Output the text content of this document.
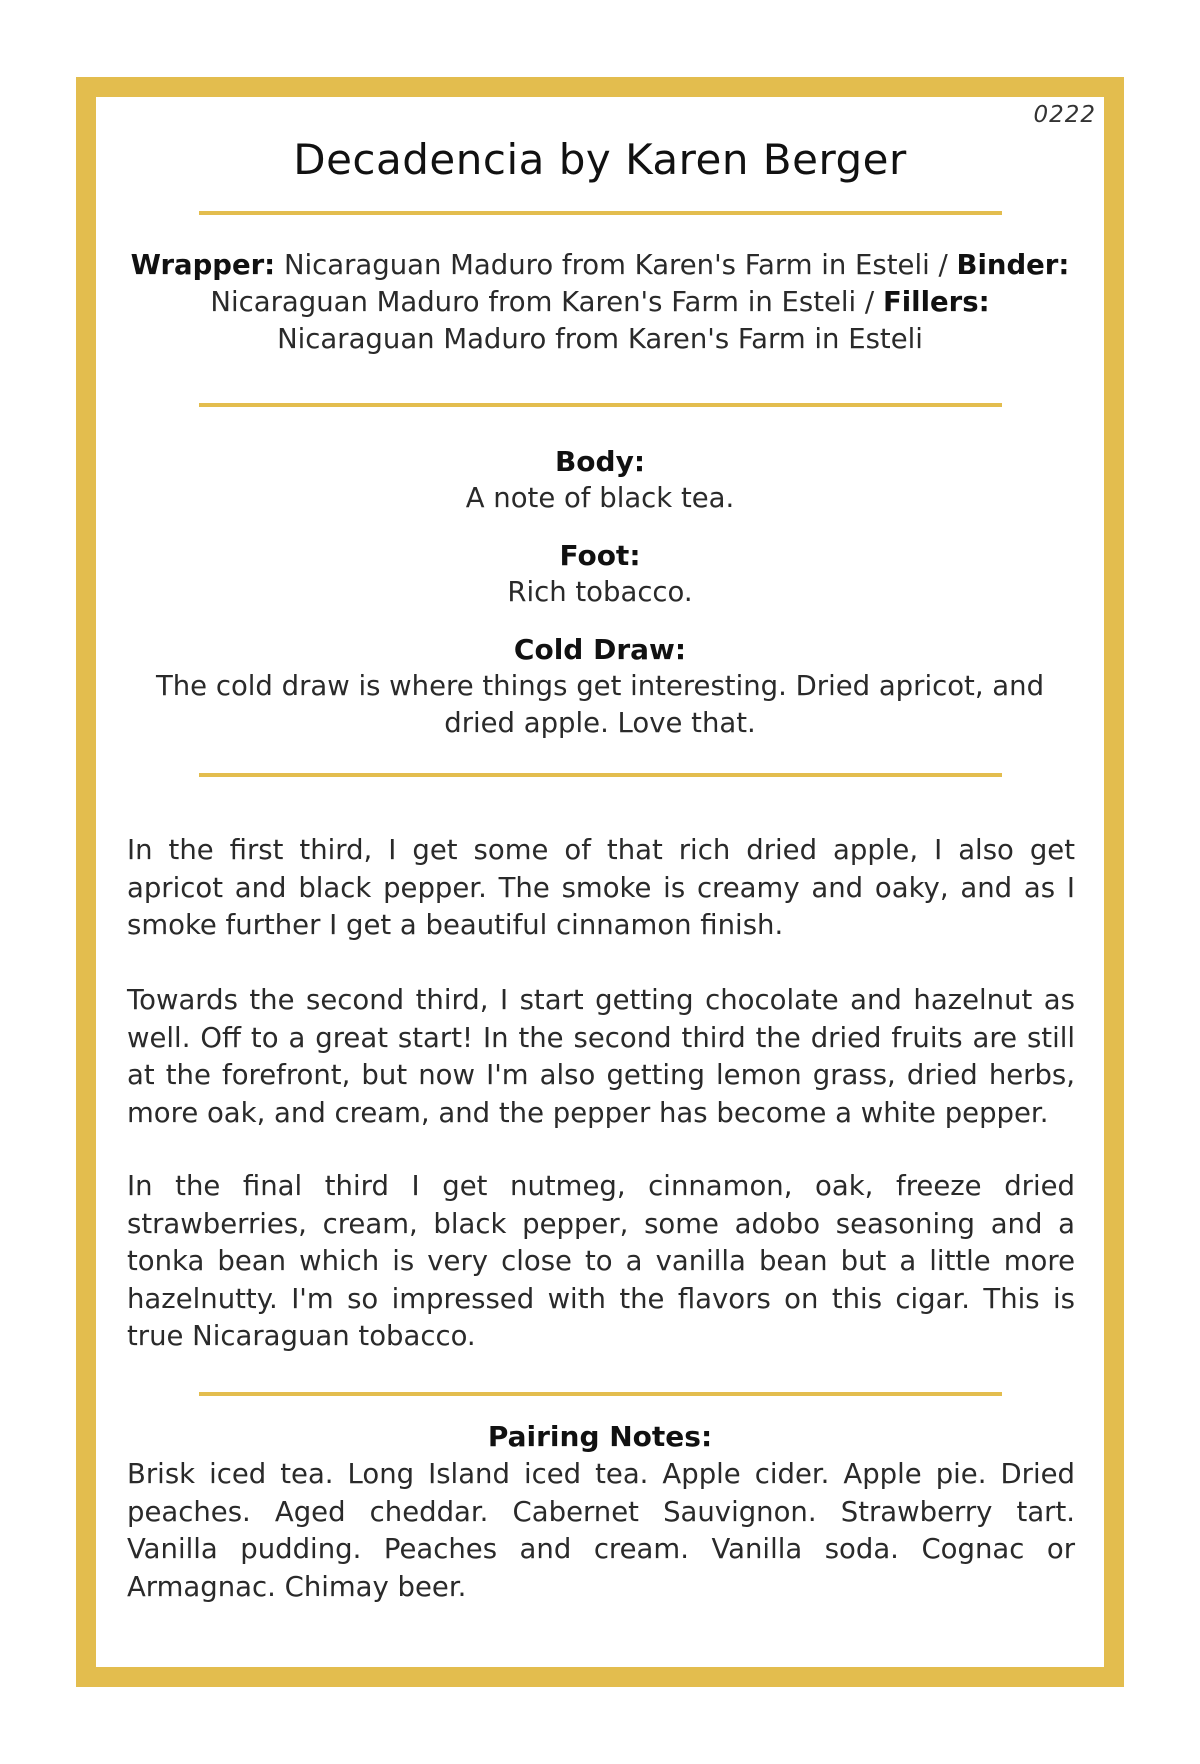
0222
Decadencia by Karen Berger
Wrapper: Nicaraguan Maduro from Karen's Farm in Esteli / Binder: Nicaraguan Maduro from Karen's Farm in Esteli / Fillers: Nicaraguan Maduro from Karen's Farm in Esteli
Body:
A note of black tea.
Foot:
Rich tobacco.
Cold Draw:
The cold draw is where things get interesting. Dried apricot, and dried apple. Love that.
In the first third, I get some of that rich dried apple, I also get apricot and black pepper. The smoke is creamy and oaky, and as I smoke further I get a beautiful cinnamon finish.
Towards the second third, I start getting chocolate and hazelnut as well. Off to a great start! In the second third the dried fruits are still at the forefront, but now I'm also getting lemon grass, dried herbs, more oak, and cream, and the pepper has become a white pepper.
In the final third I get nutmeg, cinnamon, oak, freeze dried strawberries, cream, black pepper, some adobo seasoning and a tonka bean which is very close to a vanilla bean but a little more hazelnutty. I'm so impressed with the flavors on this cigar. This is true Nicaraguan tobacco.
Pairing Notes:
Brisk iced tea. Long Island iced tea. Apple cider. Apple pie. Dried peaches. Aged cheddar. Cabernet Sauvignon. Strawberry tart. Vanilla pudding. Peaches and cream. Vanilla soda. Cognac or Armagnac. Chimay beer.
